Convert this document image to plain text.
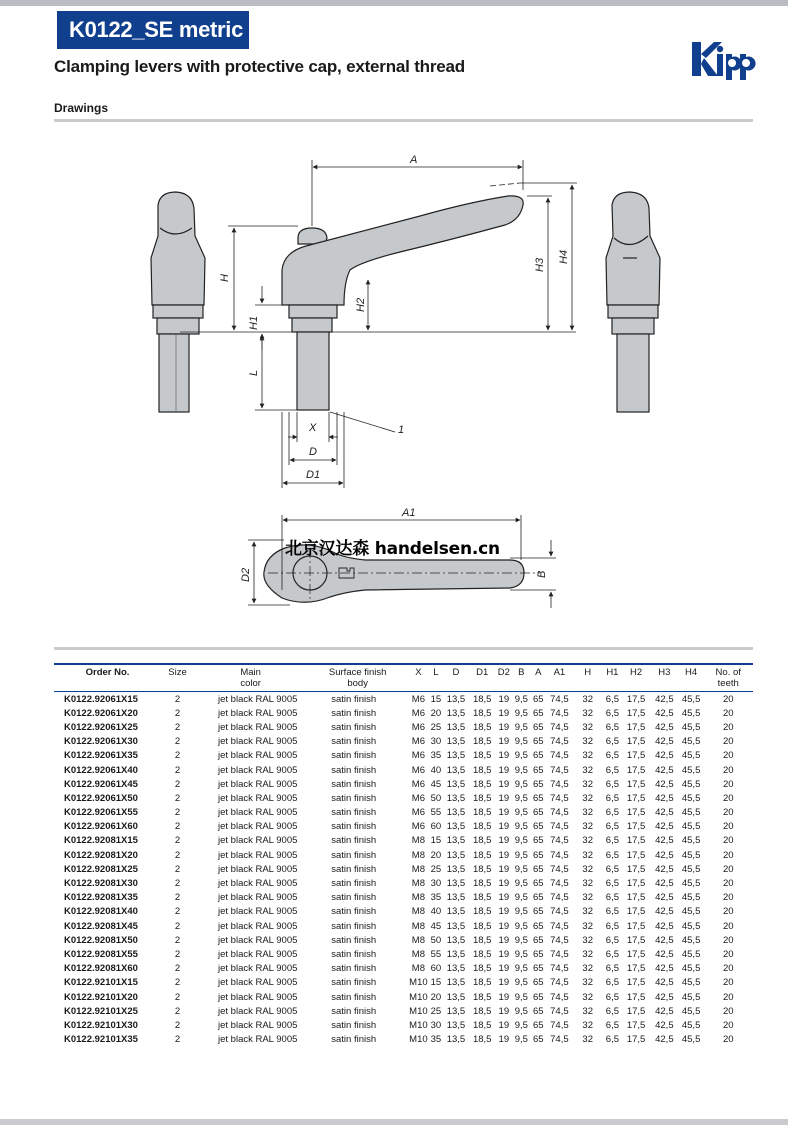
K0122_SE metric
Clamping levers with protective cap, external thread
Drawings
A
H
H1
H2
H3
H4
L
X
D
D1
1
A1
D2	B
北京汉达森 handelsen.cn
Order No.	Size	Main
color	Surface finish
body	X	L	D	D1	D2	B	A	A1	H	H1	H2	H3	H4	No. of
teeth
K0122.92061X15	2	jet black RAL 9005	satin finish	M6	15	13,5	18,5	19	9,5	65	74,5	32	6,5	17,5	42,5	45,5	20
K0122.92061X20	2	jet black RAL 9005	satin finish	M6	20	13,5	18,5	19	9,5	65	74,5	32	6,5	17,5	42,5	45,5	20
K0122.92061X25	2	jet black RAL 9005	satin finish	M6	25	13,5	18,5	19	9,5	65	74,5	32	6,5	17,5	42,5	45,5	20
K0122.92061X30	2	jet black RAL 9005	satin finish	M6	30	13,5	18,5	19	9,5	65	74,5	32	6,5	17,5	42,5	45,5	20
K0122.92061X35	2	jet black RAL 9005	satin finish	M6	35	13,5	18,5	19	9,5	65	74,5	32	6,5	17,5	42,5	45,5	20
K0122.92061X40	2	jet black RAL 9005	satin finish	M6	40	13,5	18,5	19	9,5	65	74,5	32	6,5	17,5	42,5	45,5	20
K0122.92061X45	2	jet black RAL 9005	satin finish	M6	45	13,5	18,5	19	9,5	65	74,5	32	6,5	17,5	42,5	45,5	20
K0122.92061X50	2	jet black RAL 9005	satin finish	M6	50	13,5	18,5	19	9,5	65	74,5	32	6,5	17,5	42,5	45,5	20
K0122.92061X55	2	jet black RAL 9005	satin finish	M6	55	13,5	18,5	19	9,5	65	74,5	32	6,5	17,5	42,5	45,5	20
K0122.92061X60	2	jet black RAL 9005	satin finish	M6	60	13,5	18,5	19	9,5	65	74,5	32	6,5	17,5	42,5	45,5	20
K0122.92081X15	2	jet black RAL 9005	satin finish	M8	15	13,5	18,5	19	9,5	65	74,5	32	6,5	17,5	42,5	45,5	20
K0122.92081X20	2	jet black RAL 9005	satin finish	M8	20	13,5	18,5	19	9,5	65	74,5	32	6,5	17,5	42,5	45,5	20
K0122.92081X25	2	jet black RAL 9005	satin finish	M8	25	13,5	18,5	19	9,5	65	74,5	32	6,5	17,5	42,5	45,5	20
K0122.92081X30	2	jet black RAL 9005	satin finish	M8	30	13,5	18,5	19	9,5	65	74,5	32	6,5	17,5	42,5	45,5	20
K0122.92081X35	2	jet black RAL 9005	satin finish	M8	35	13,5	18,5	19	9,5	65	74,5	32	6,5	17,5	42,5	45,5	20
K0122.92081X40	2	jet black RAL 9005	satin finish	M8	40	13,5	18,5	19	9,5	65	74,5	32	6,5	17,5	42,5	45,5	20
K0122.92081X45	2	jet black RAL 9005	satin finish	M8	45	13,5	18,5	19	9,5	65	74,5	32	6,5	17,5	42,5	45,5	20
K0122.92081X50	2	jet black RAL 9005	satin finish	M8	50	13,5	18,5	19	9,5	65	74,5	32	6,5	17,5	42,5	45,5	20
K0122.92081X55	2	jet black RAL 9005	satin finish	M8	55	13,5	18,5	19	9,5	65	74,5	32	6,5	17,5	42,5	45,5	20
K0122.92081X60	2	jet black RAL 9005	satin finish	M8	60	13,5	18,5	19	9,5	65	74,5	32	6,5	17,5	42,5	45,5	20
K0122.92101X15	2	jet black RAL 9005	satin finish	M10	15	13,5	18,5	19	9,5	65	74,5	32	6,5	17,5	42,5	45,5	20
K0122.92101X20	2	jet black RAL 9005	satin finish	M10	20	13,5	18,5	19	9,5	65	74,5	32	6,5	17,5	42,5	45,5	20
K0122.92101X25	2	jet black RAL 9005	satin finish	M10	25	13,5	18,5	19	9,5	65	74,5	32	6,5	17,5	42,5	45,5	20
K0122.92101X30	2	jet black RAL 9005	satin finish	M10	30	13,5	18,5	19	9,5	65	74,5	32	6,5	17,5	42,5	45,5	20
K0122.92101X35	2	jet black RAL 9005	satin finish	M10	35	13,5	18,5	19	9,5	65	74,5	32	6,5	17,5	42,5	45,5	20
